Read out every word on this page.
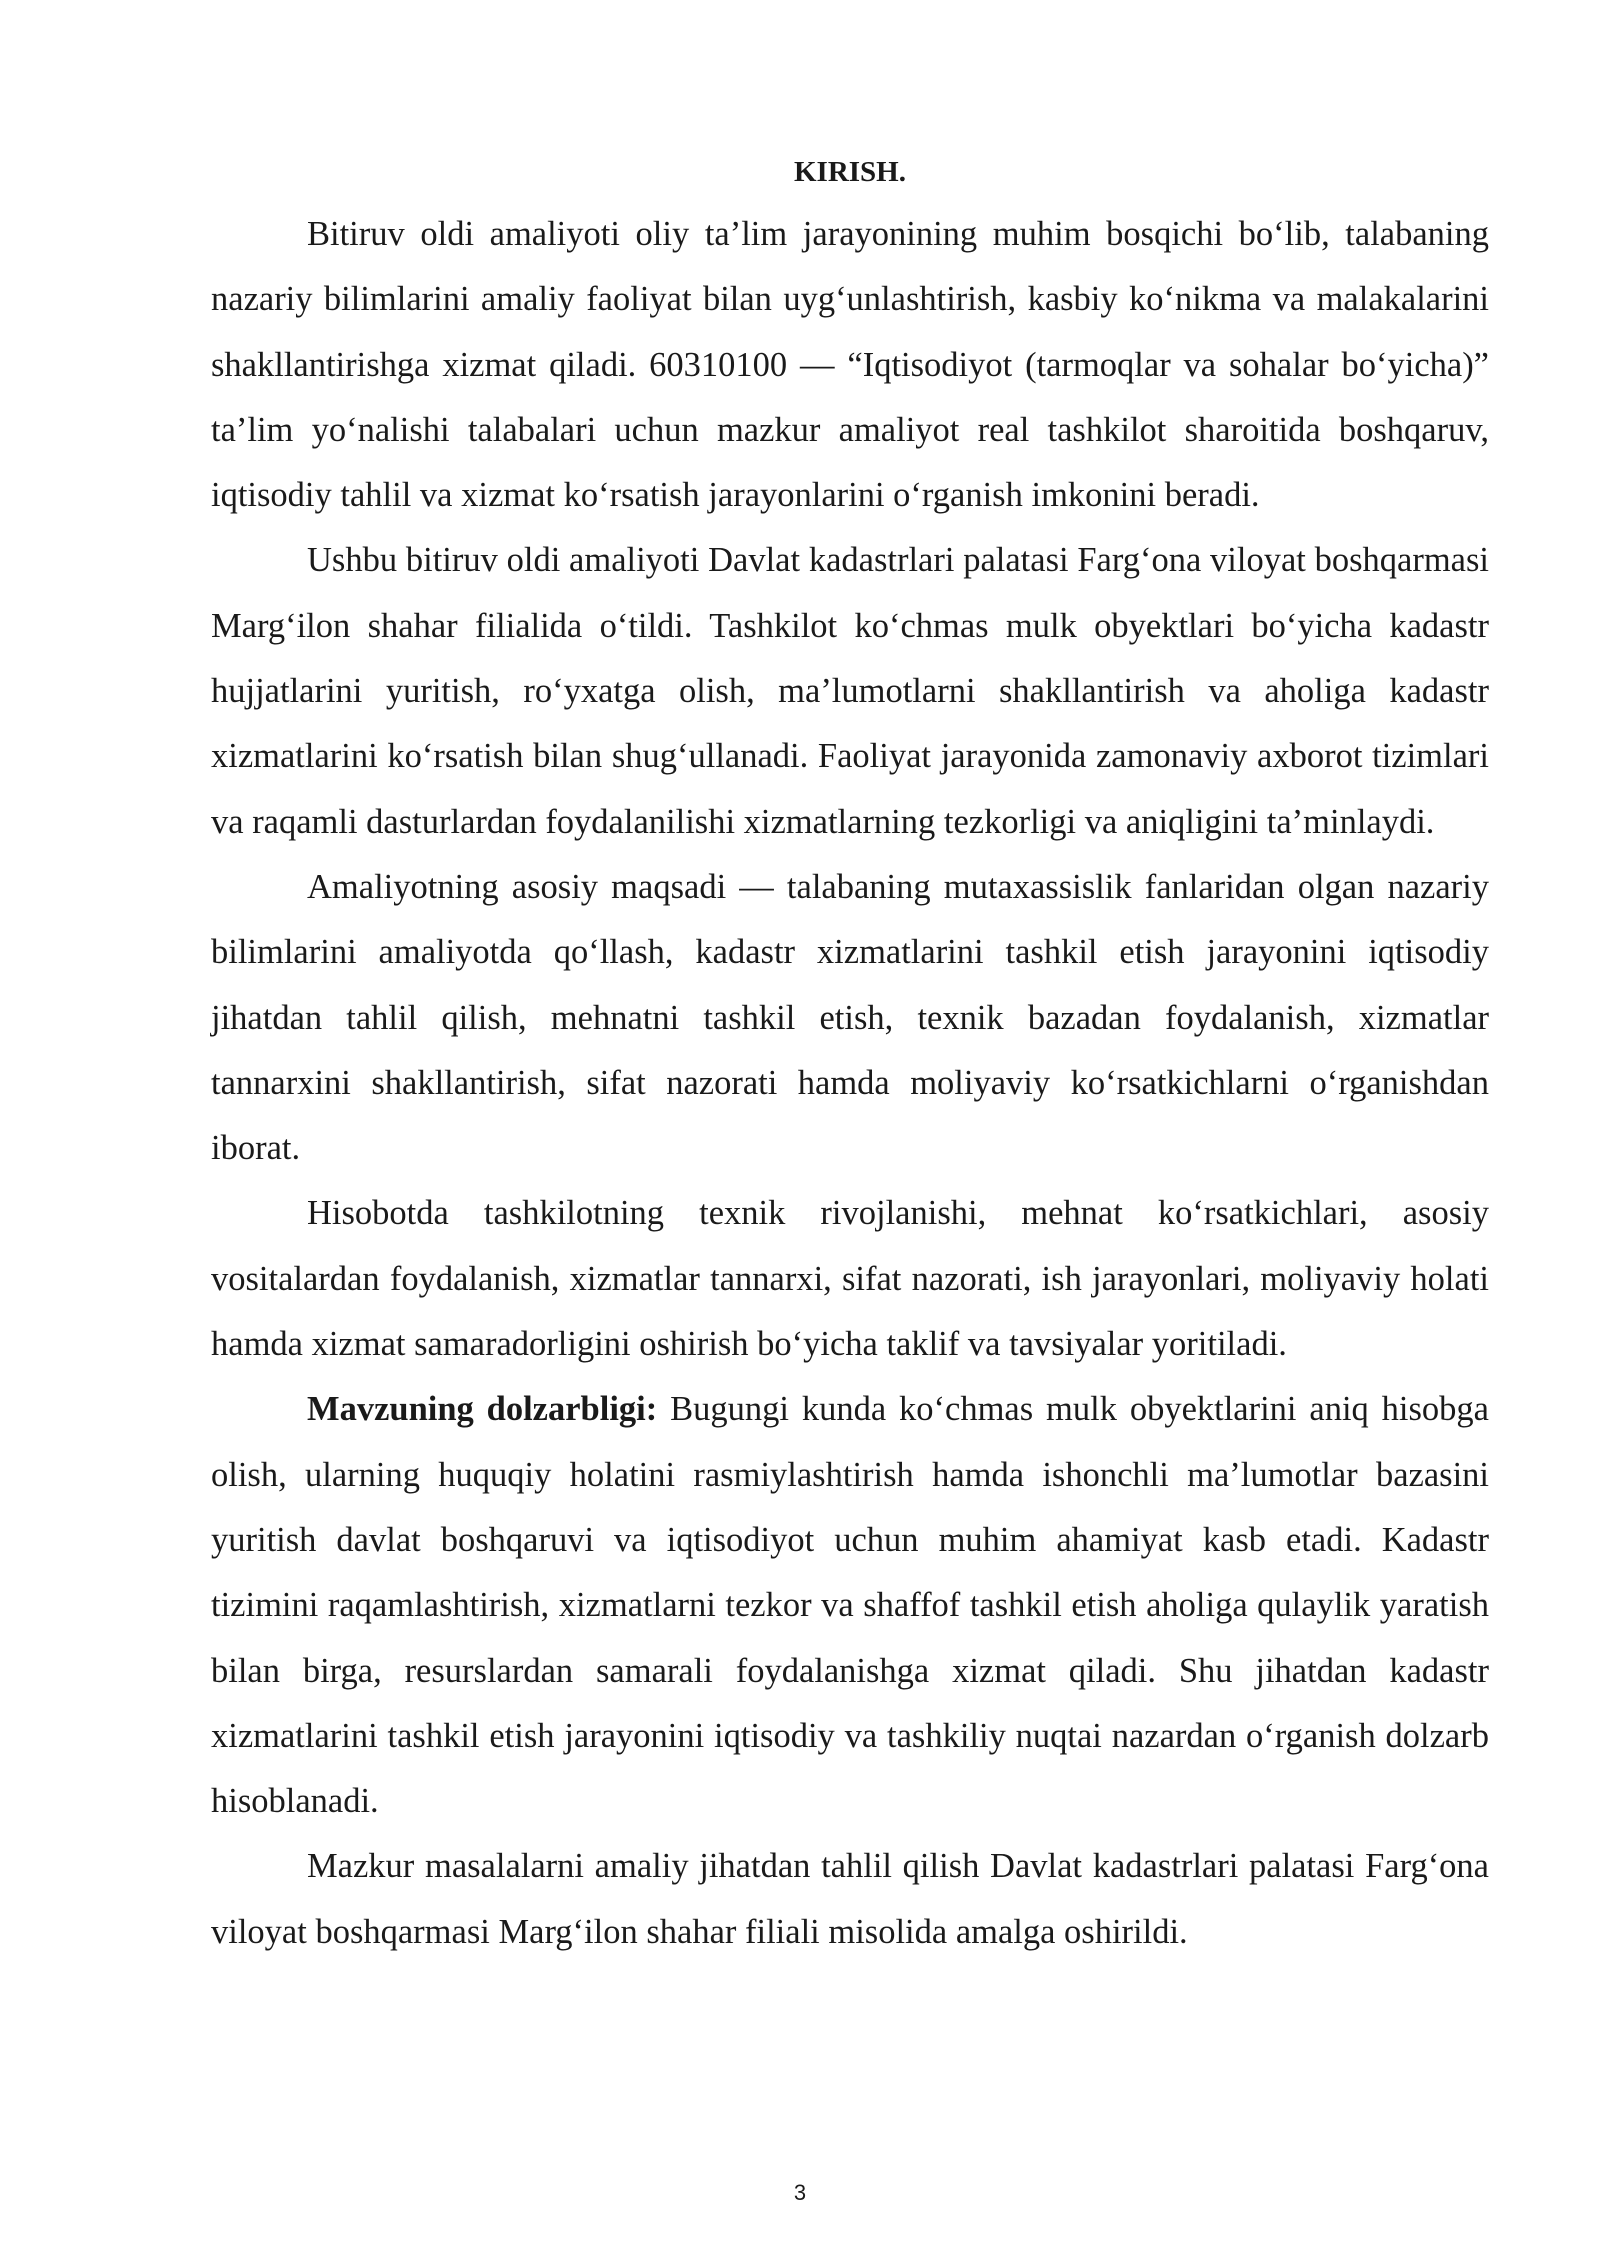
KIRISH.

Bitiruv oldi amaliyoti oliy ta’lim jarayonining muhim bosqichi bo‘lib, talabaning nazariy bilimlarini amaliy faoliyat bilan uyg‘unlashtirish, kasbiy ko‘nikma va malakalarini shakllantirishga xizmat qiladi. 60310100 — “Iqtisodiyot (tarmoqlar va sohalar bo‘yicha)” ta’lim yo‘nalishi talabalari uchun mazkur amaliyot real tashkilot sharoitida boshqaruv, iqtisodiy tahlil va xizmat ko‘rsatish jarayonlarini o‘rganish imkonini beradi.

Ushbu bitiruv oldi amaliyoti Davlat kadastrlari palatasi Farg‘ona viloyat boshqarmasi Marg‘ilon shahar filialida o‘tildi. Tashkilot ko‘chmas mulk obyektlari bo‘yicha kadastr hujjatlarini yuritish, ro‘yxatga olish, ma’lumotlarni shakllantirish va aholiga kadastr xizmatlarini ko‘rsatish bilan shug‘ullanadi. Faoliyat jarayonida zamonaviy axborot tizimlari va raqamli dasturlardan foydalanilishi xizmatlarning tezkorligi va aniqligini ta’minlaydi.

Amaliyotning asosiy maqsadi — talabaning mutaxassislik fanlaridan olgan nazariy bilimlarini amaliyotda qo‘llash, kadastr xizmatlarini tashkil etish jarayonini iqtisodiy jihatdan tahlil qilish, mehnatni tashkil etish, texnik bazadan foydalanish, xizmatlar tannarxini shakllantirish, sifat nazorati hamda moliyaviy ko‘rsatkichlarni o‘rganishdan iborat.

Hisobotda tashkilotning texnik rivojlanishi, mehnat ko‘rsatkichlari, asosiy vositalardan foydalanish, xizmatlar tannarxi, sifat nazorati, ish jarayonlari, moliyaviy holati hamda xizmat samaradorligini oshirish bo‘yicha taklif va tavsiyalar yoritiladi.

Mavzuning dolzarbligi: Bugungi kunda ko‘chmas mulk obyektlarini aniq hisobga olish, ularning huquqiy holatini rasmiylashtirish hamda ishonchli ma’lumotlar bazasini yuritish davlat boshqaruvi va iqtisodiyot uchun muhim ahamiyat kasb etadi. Kadastr tizimini raqamlashtirish, xizmatlarni tezkor va shaffof tashkil etish aholiga qulaylik yaratish bilan birga, resurslardan samarali foydalanishga xizmat qiladi. Shu jihatdan kadastr xizmatlarini tashkil etish jarayonini iqtisodiy va tashkiliy nuqtai nazardan o‘rganish dolzarb hisoblanadi.

Mazkur masalalarni amaliy jihatdan tahlil qilish Davlat kadastrlari palatasi Farg‘ona viloyat boshqarmasi Marg‘ilon shahar filiali misolida amalga oshirildi.

3
